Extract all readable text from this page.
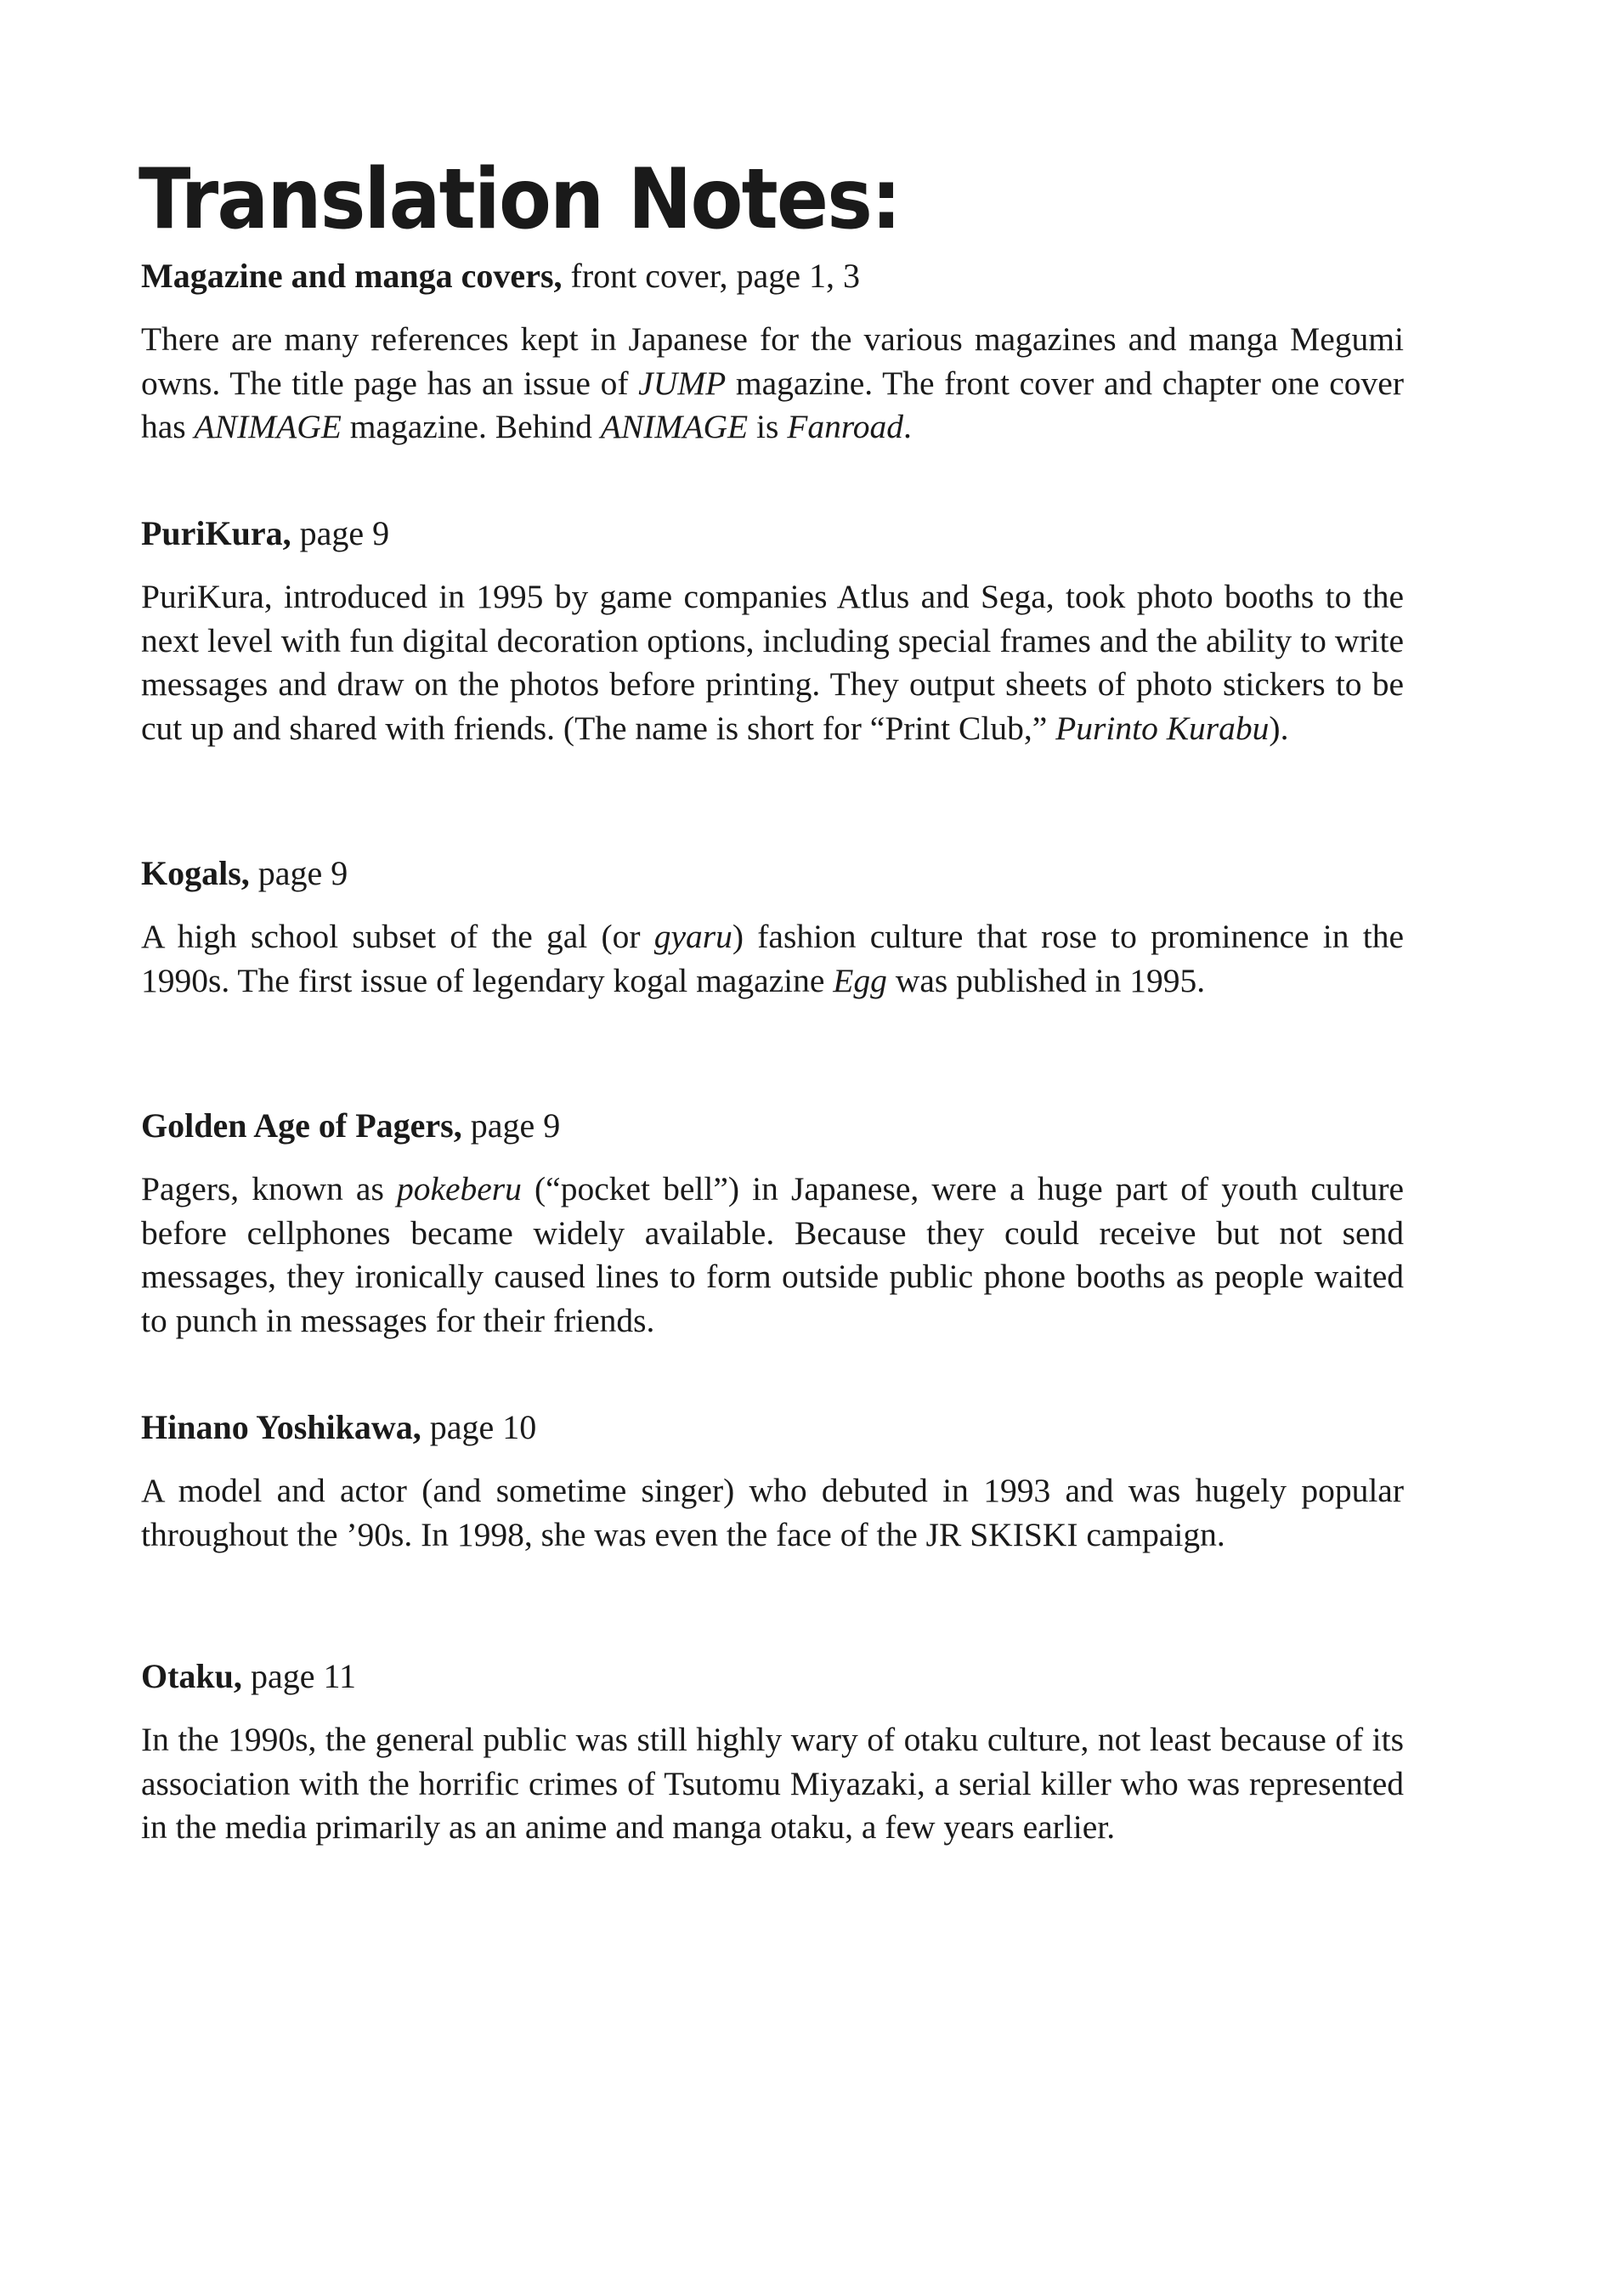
Translation Notes:

Magazine and manga covers, front cover, page 1, 3

There are many references kept in Japanese for the various magazines and manga Megumi owns. The title page has an issue of JUMP magazine. The front cover and chapter one cover has ANIMAGE magazine. Behind ANIMAGE is Fanroad.

PuriKura, page 9

PuriKura, introduced in 1995 by game companies Atlus and Sega, took photo booths to the next level with fun digital decoration options, including special frames and the ability to write messages and draw on the photos before printing. They output sheets of photo stickers to be cut up and shared with friends. (The name is short for “Print Club,” Purinto Kurabu).

Kogals, page 9

A high school subset of the gal (or gyaru) fashion culture that rose to prominence in the 1990s. The first issue of legendary kogal magazine Egg was published in 1995.

Golden Age of Pagers, page 9

Pagers, known as pokeberu (“pocket bell”) in Japanese, were a huge part of youth culture before cellphones became widely available. Because they could receive but not send messages, they ironically caused lines to form outside public phone booths as people waited to punch in messages for their friends.

Hinano Yoshikawa, page 10

A model and actor (and sometime singer) who debuted in 1993 and was hugely popular throughout the ’90s. In 1998, she was even the face of the JR SKISKI campaign.

Otaku, page 11

In the 1990s, the general public was still highly wary of otaku culture, not least because of its association with the horrific crimes of Tsutomu Miyazaki, a serial killer who was represented in the media primarily as an anime and manga otaku, a few years earlier.
